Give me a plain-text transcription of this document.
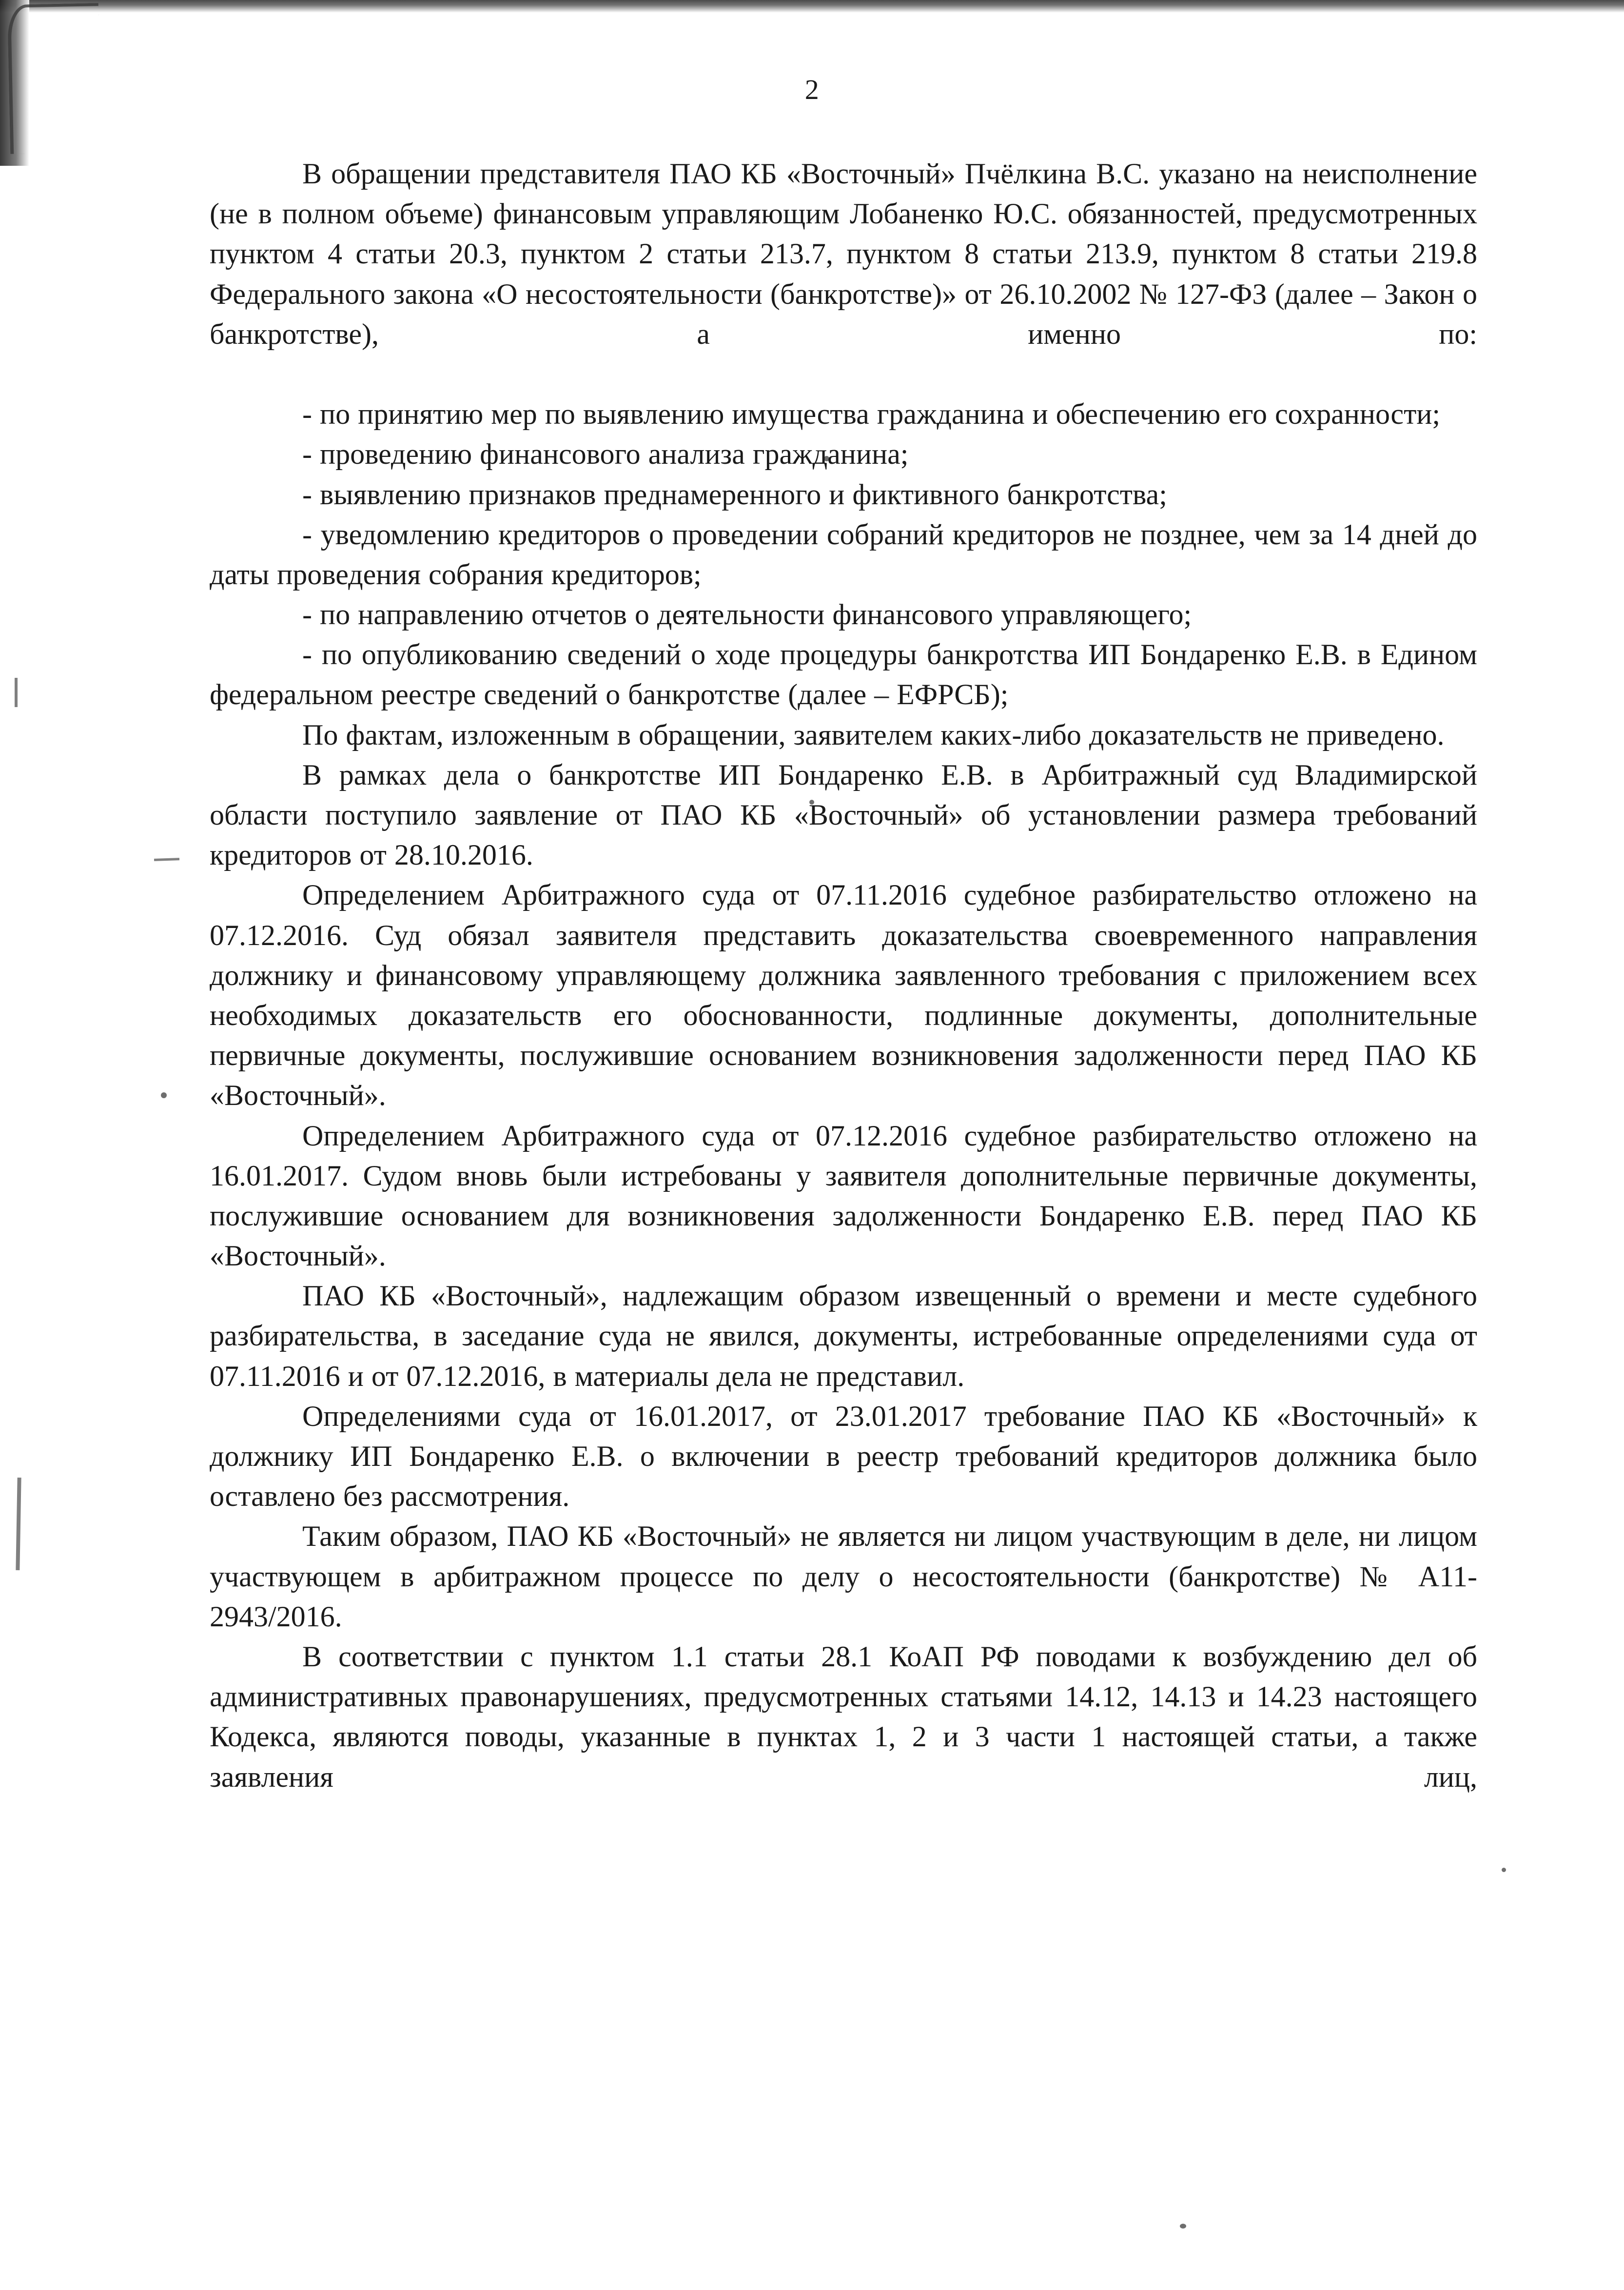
2

В обращении представителя ПАО КБ «Восточный» Пчёлкина В.С. указано на неисполнение (не в полном объеме) финансовым управляющим Лобаненко Ю.С. обязанностей, предусмотренных пунктом 4 статьи 20.3, пунктом 2 статьи 213.7, пунктом 8 статьи 213.9, пунктом 8 статьи 219.8 Федерального закона «О несостоятельности (банкротстве)» от 26.10.2002 № 127-ФЗ (далее – Закон о банкротстве), а именно по:

- по принятию мер по выявлению имущества гражданина и обеспечению его сохранности;

- проведению финансового анализа гражданина;

- выявлению признаков преднамеренного и фиктивного банкротства;

- уведомлению кредиторов о проведении собраний кредиторов не позднее, чем за 14 дней до даты проведения собрания кредиторов;

- по направлению отчетов о деятельности финансового управляющего;

- по опубликованию сведений о ходе процедуры банкротства ИП Бондаренко Е.В. в Едином федеральном реестре сведений о банкротстве (далее – ЕФРСБ);

По фактам, изложенным в обращении, заявителем каких-либо доказательств не приведено.

В рамках дела о банкротстве ИП Бондаренко Е.В. в Арбитражный суд Владимирской области поступило заявление от ПАО КБ «Восточный» об установлении размера требований кредиторов от 28.10.2016.

Определением Арбитражного суда от 07.11.2016 судебное разбирательство отложено на 07.12.2016. Суд обязал заявителя представить доказательства своевременного направления должнику и финансовому управляющему должника заявленного требования с приложением всех необходимых доказательств его обоснованности, подлинные документы, дополнительные первичные документы, послужившие основанием возникновения задолженности перед ПАО КБ «Восточный».

Определением Арбитражного суда от 07.12.2016 судебное разбирательство отложено на 16.01.2017. Судом вновь были истребованы у заявителя дополнительные первичные документы, послужившие основанием для возникновения задолженности Бондаренко Е.В. перед ПАО КБ «Восточный».

ПАО КБ «Восточный», надлежащим образом извещенный о времени и месте судебного разбирательства, в заседание суда не явился, документы, истребованные определениями суда от 07.11.2016 и от 07.12.2016, в материалы дела не представил.

Определениями суда от 16.01.2017, от 23.01.2017 требование ПАО КБ «Восточный» к должнику ИП Бондаренко Е.В. о включении в реестр требований кредиторов должника было оставлено без рассмотрения.

Таким образом, ПАО КБ «Восточный» не является ни лицом участвующим в деле, ни лицом участвующем в арбитражном процессе по делу о несостоятельности (банкротстве) № А11-2943/2016.

В соответствии с пунктом 1.1 статьи 28.1 КоАП РФ поводами к возбуждению дел об административных правонарушениях, предусмотренных статьями 14.12, 14.13 и 14.23 настоящего Кодекса, являются поводы, указанные в пунктах 1, 2 и 3 части 1 настоящей статьи, а также заявления лиц,
